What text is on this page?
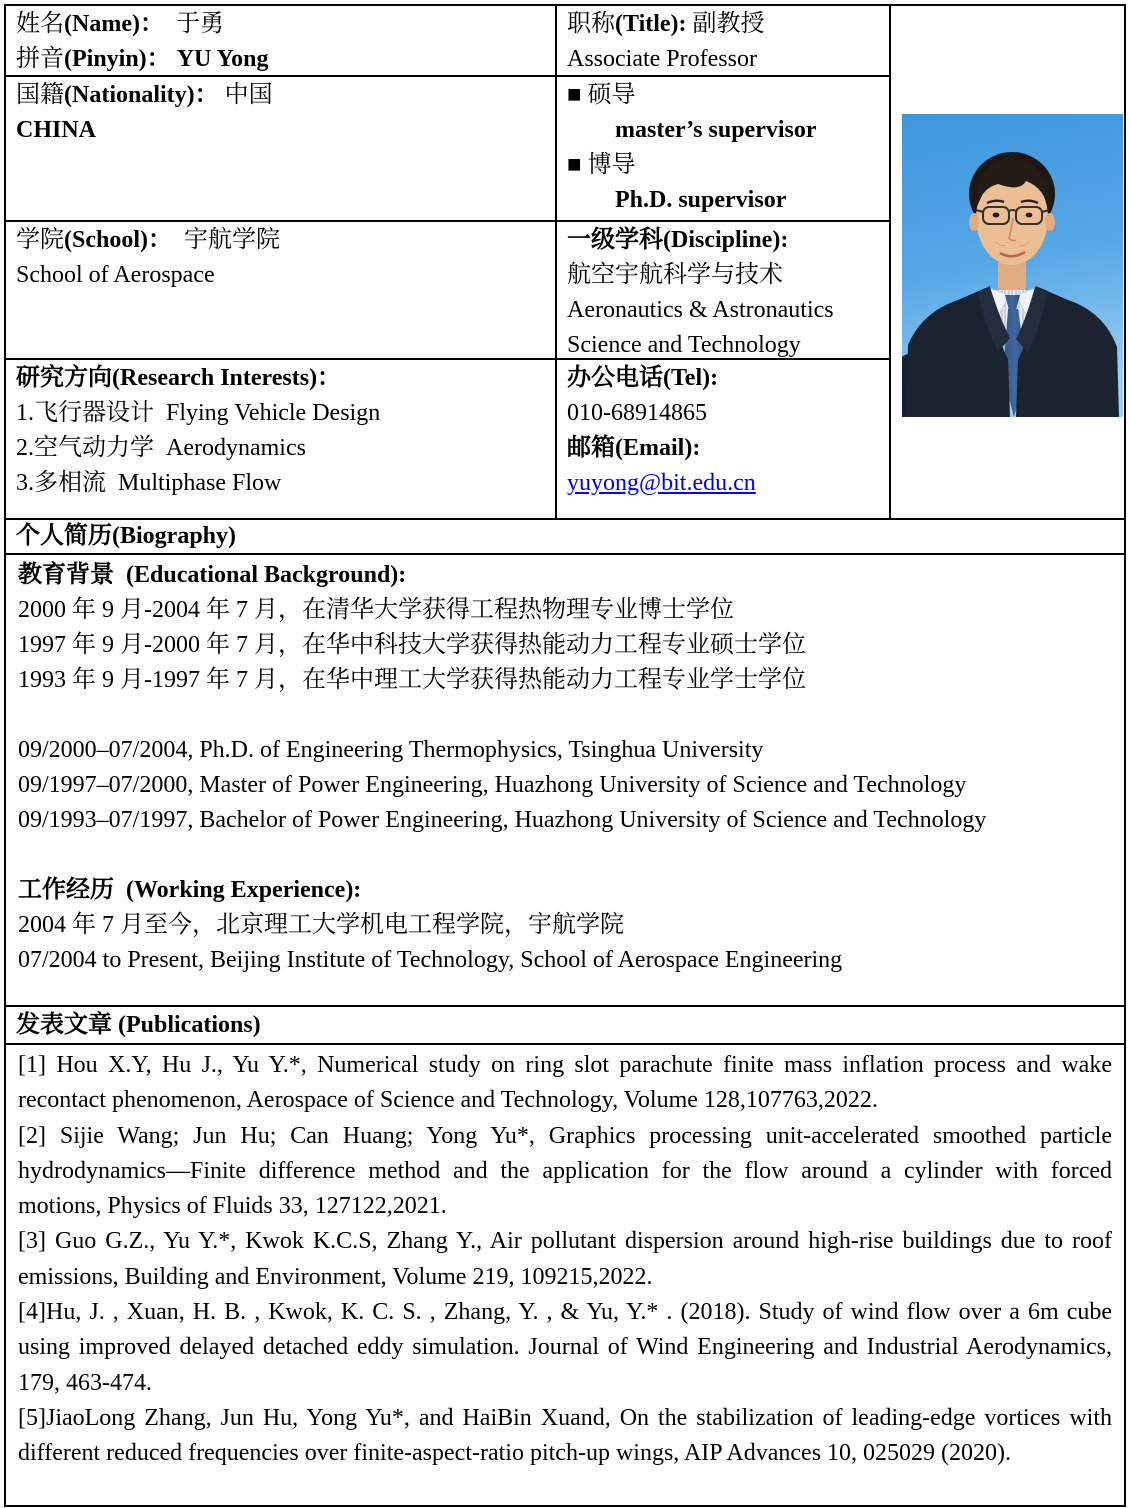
姓名(Name)：　于勇
拼音(Pinyin)： YU Yong
职称(Title): 副教授
Associate Professor
国籍(Nationality)： 中国
CHINA
■ 硕导
master’s supervisor
■ 博导
Ph.D. supervisor
学院(School)：　宇航学院
School of Aerospace
一级学科(Discipline):
航空宇航科学与技术
Aeronautics & Astronautics
Science and Technology
研究方向(Research Interests)：
1.飞行器设计  Flying Vehicle Design
2.空气动力学  Aerodynamics
3.多相流  Multiphase Flow
办公电话(Tel):
010-68914865
邮箱(Email):
yuyong@bit.edu.cn
个人简历(Biography)
教育背景  (Educational Background):
2000 年 9 月-2004 年 7 月，在清华大学获得工程热物理专业博士学位
1997 年 9 月-2000 年 7 月，在华中科技大学获得热能动力工程专业硕士学位
1993 年 9 月-1997 年 7 月，在华中理工大学获得热能动力工程专业学士学位
09/2000–07/2004, Ph.D. of Engineering Thermophysics, Tsinghua University
09/1997–07/2000, Master of Power Engineering, Huazhong University of Science and Technology
09/1993–07/1997, Bachelor of Power Engineering, Huazhong University of Science and Technology
工作经历  (Working Experience):
2004 年 7 月至今，北京理工大学机电工程学院，宇航学院
07/2004 to Present, Beijing Institute of Technology, School of Aerospace Engineering
发表文章 (Publications)

[1] Hou X.Y, Hu J., Yu Y.*, Numerical study on ring slot parachute finite mass inflation process and wake recontact phenomenon, Aerospace of Science and Technology, Volume 128,107763,2022.

[2] Sijie Wang; Jun Hu; Can Huang; Yong Yu*, Graphics processing unit-accelerated smoothed particle hydrodynamics—Finite difference method and the application for the flow around a cylinder with forced motions, Physics of Fluids 33, 127122,2021.

[3] Guo G.Z., Yu Y.*, Kwok K.C.S, Zhang Y., Air pollutant dispersion around high-rise buildings due to roof emissions, Building and Environment, Volume 219, 109215,2022.

[4]Hu, J. , Xuan, H. B. , Kwok, K. C. S. , Zhang, Y. , & Yu, Y.* . (2018). Study of wind flow over a 6m cube using improved delayed detached eddy simulation. Journal of Wind Engineering and Industrial Aerodynamics, 179, 463-474.

[5]JiaoLong Zhang, Jun Hu, Yong Yu*, and HaiBin Xuand, On the stabilization of leading-edge vortices with different reduced frequencies over finite-aspect-ratio pitch-up wings, AIP Advances 10, 025029 (2020).
